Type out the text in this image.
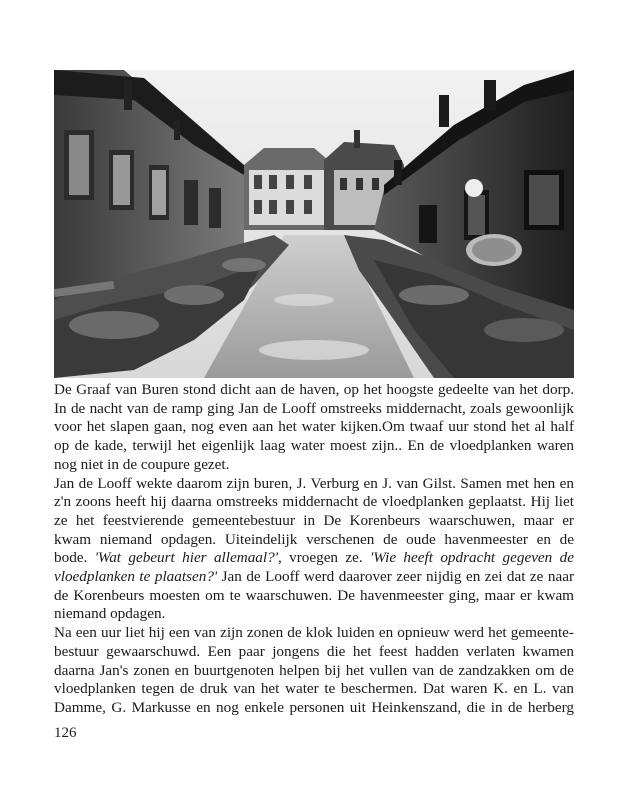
De Graaf van Buren stond dicht aan de haven, op het hoogste gedeelte van het dorp.
In de nacht van de ramp ging Jan de Looff omstreeks middernacht, zoals gewoonlijk
voor het slapen gaan, nog even aan het water kijken.Om twaaf uur stond het al half
op de kade, terwijl het eigenlijk laag water moest zijn.. En de vloedplanken waren
nog niet in de coupure gezet.

Jan de Looff wekte daarom zijn buren, J. Verburg en J. van Gilst. Samen met hen en
z'n zoons heeft hij daarna omstreeks middernacht de vloedplanken geplaatst. Hij liet
ze het feestvierende gemeentebestuur in De Korenbeurs waarschuwen, maar er
kwam niemand opdagen. Uiteindelijk verschenen de oude havenmeester en de
bode. 'Wat gebeurt hier allemaal?', vroegen ze. 'Wie heeft opdracht gegeven de
vloedplanken te plaatsen?' Jan de Looff werd daarover zeer nijdig en zei dat ze naar
de Korenbeurs moesten om te waarschuwen. De havenmeester ging, maar er kwam
niemand opdagen.

Na een uur liet hij een van zijn zonen de klok luiden en opnieuw werd het gemeente-
bestuur gewaarschuwd. Een paar jongens die het feest hadden verlaten kwamen
daarna Jan's zonen en buurtgenoten helpen bij het vullen van de zandzakken om de
vloedplanken tegen de druk van het water te beschermen. Dat waren K. en L. van
Damme, G. Markusse en nog enkele personen uit Heinkenszand, die in de herberg

126
